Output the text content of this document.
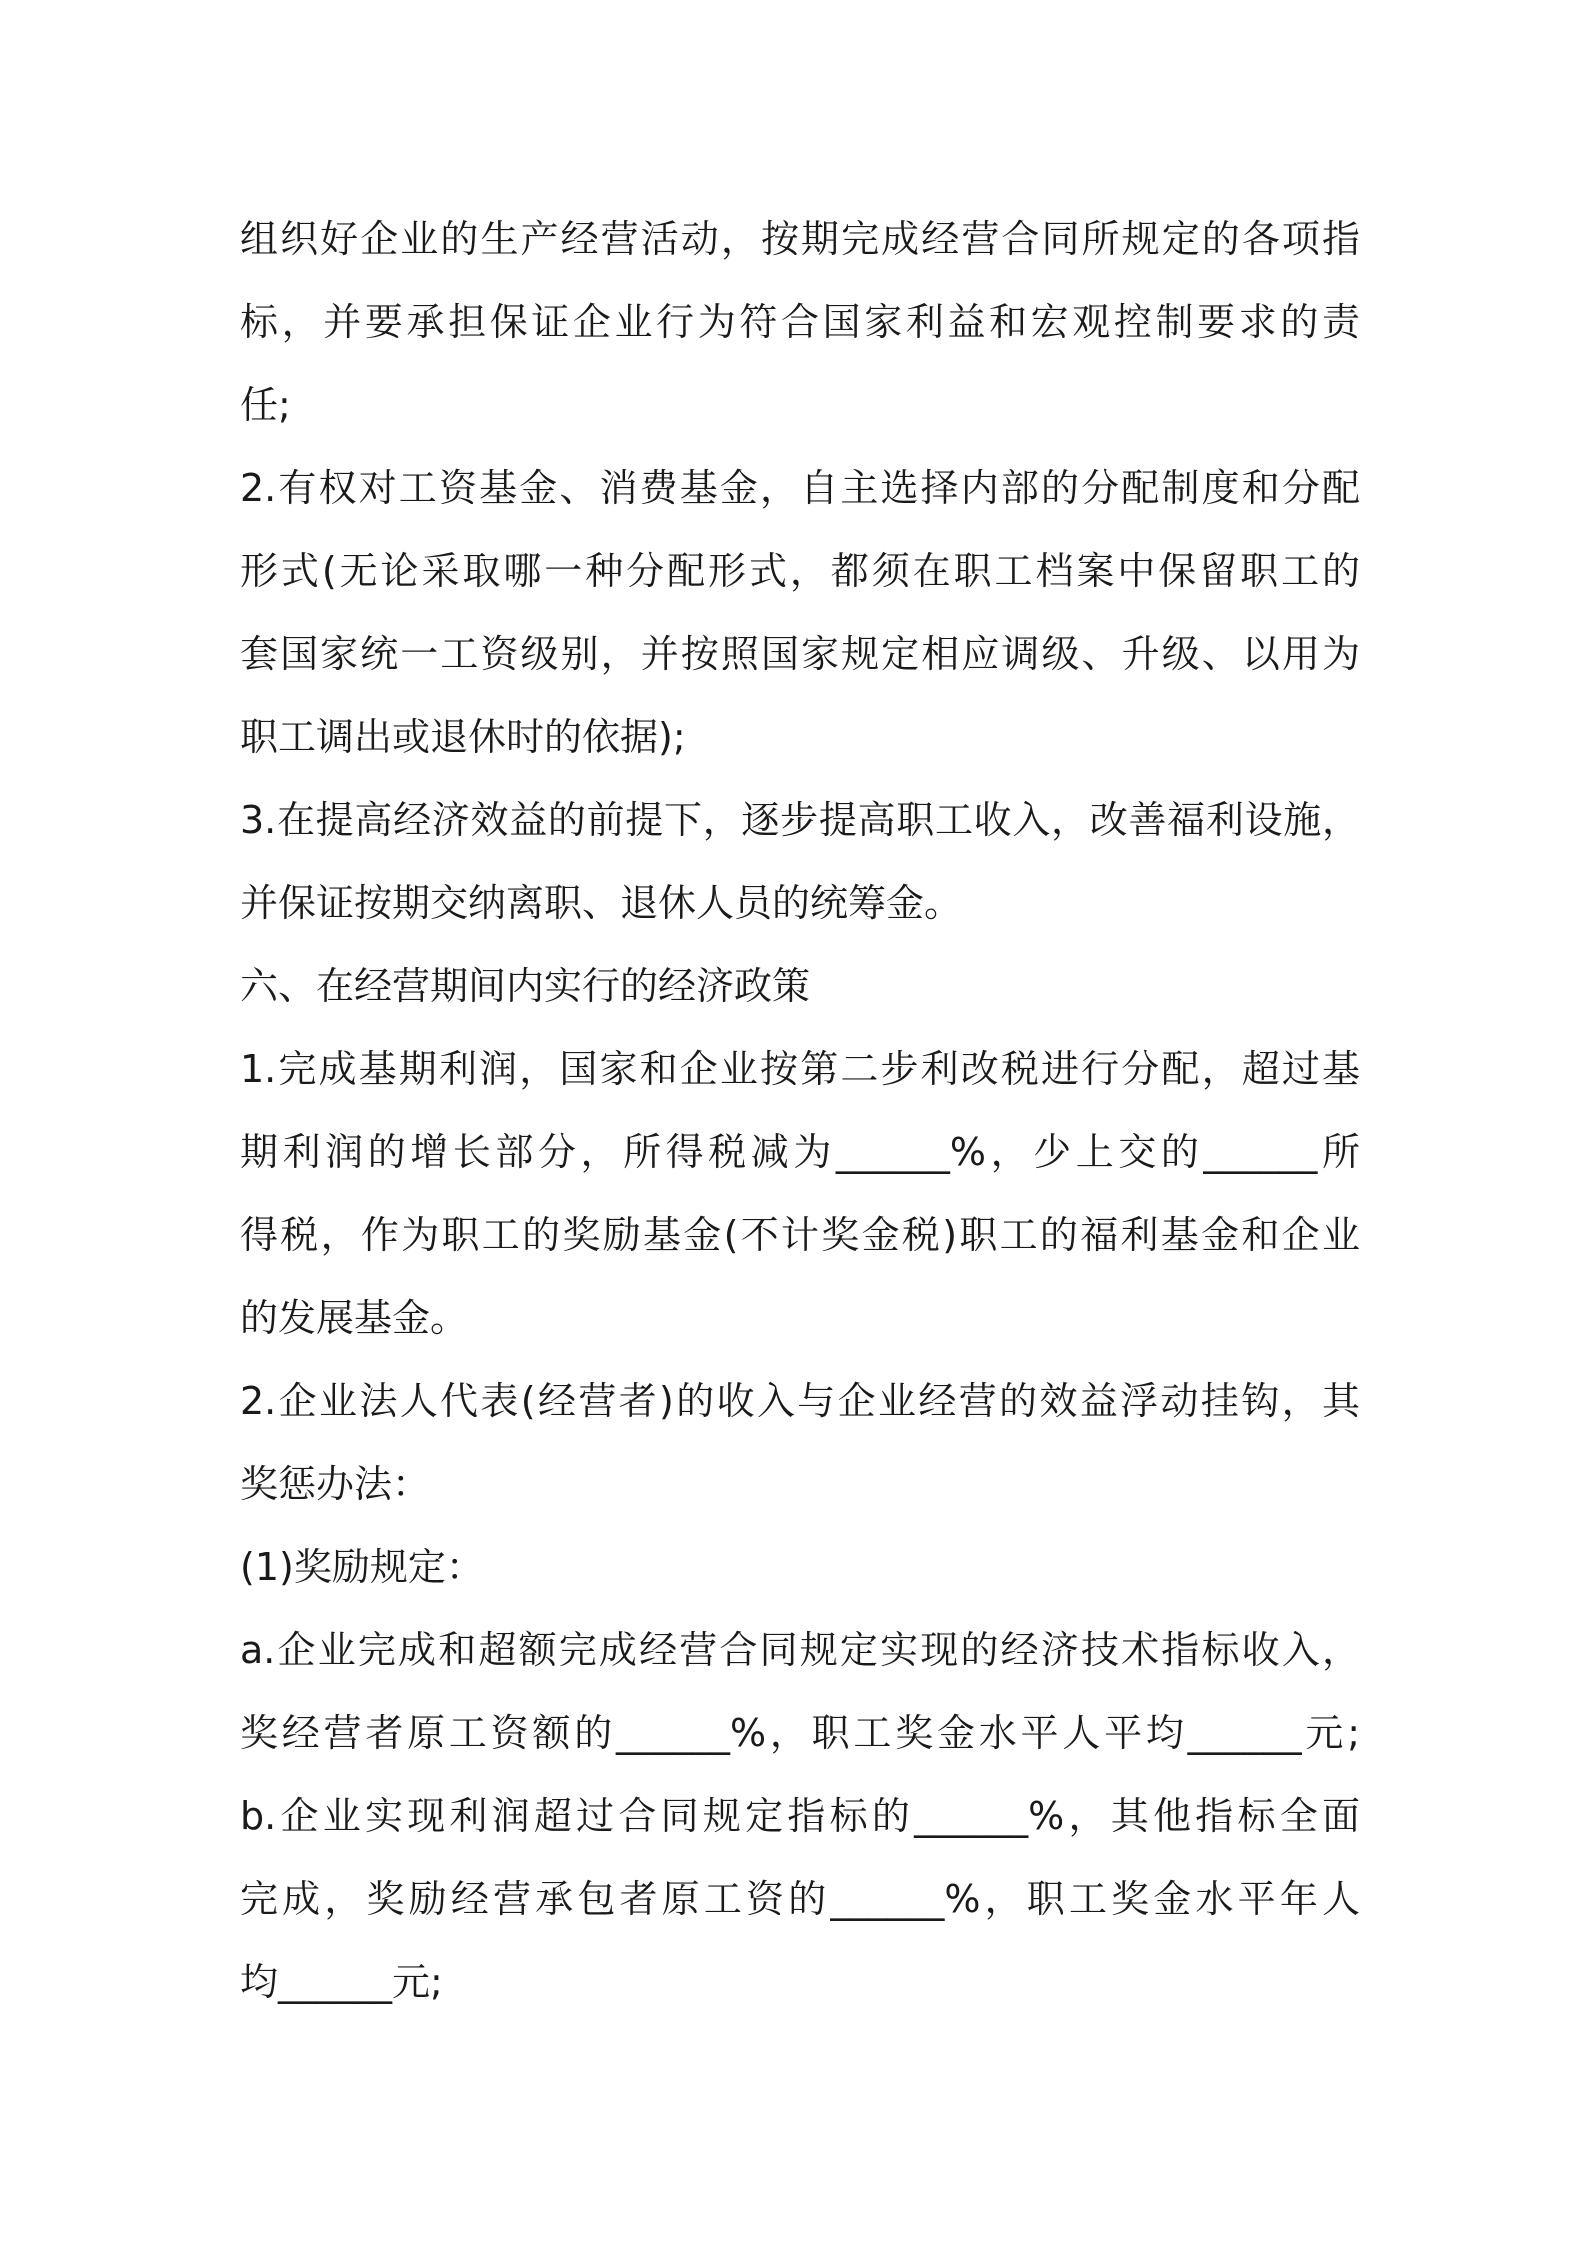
组织好企业的生产经营活动，按期完成经营合同所规定的各项指
标，并要承担保证企业行为符合国家利益和宏观控制要求的责
任;
2.有权对工资基金、消费基金，自主选择内部的分配制度和分配
形式(无论采取哪一种分配形式，都须在职工档案中保留职工的
套国家统一工资级别，并按照国家规定相应调级、升级、以用为
职工调出或退休时的依据);
3.在提高经济效益的前提下，逐步提高职工收入，改善福利设施，
并保证按期交纳离职、退休人员的统筹金。
六、在经营期间内实行的经济政策
1.完成基期利润，国家和企业按第二步利改税进行分配，超过基
期利润的增长部分，所得税减为______%，少上交的______所
得税，作为职工的奖励基金(不计奖金税)职工的福利基金和企业
的发展基金。
2.企业法人代表(经营者)的收入与企业经营的效益浮动挂钩，其
奖惩办法：
(1)奖励规定：
a.企业完成和超额完成经营合同规定实现的经济技术指标收入，
奖经营者原工资额的______%，职工奖金水平人平均______元;
b.企业实现利润超过合同规定指标的______%，其他指标全面
完成，奖励经营承包者原工资的______%，职工奖金水平年人
均______元;
